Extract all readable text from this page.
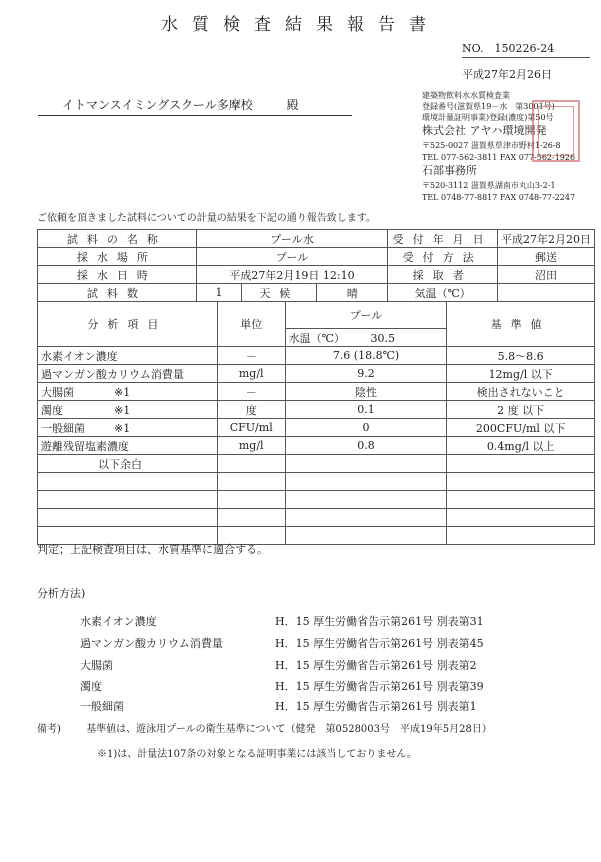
水質検査結果報告書
NO.　150226-24
平成27年2月26日
イトマンスイミングスクール多摩校	殿
建築物飲料水水質検査業
登録番号(滋賀県19－水　第3001号)
環境計量証明事業)登録(濃度)第50号
株式会社 アヤハ環境開発
〒525-0027 滋賀県草津市野村1-26-8
TEL 077-562-3811 FAX 077-562-1926
石部事務所
〒520-3112 滋賀県湖南市丸山3-2-1
TEL 0748-77-8817 FAX 0748-77-2247
ご依頼を頂きました試料についての計量の結果を下記の通り報告致します。
試料の名称	プール水			受付年月日	平成27年2月20日
採水場所	プール			受付方法	郵送
採水日時	平成27年2月19日 12:10			採取者	沼田
試料数	1	天候	晴	気温（℃）	
分析項目	単位	プール	基準値
		水温（℃） 30.5	
水素イオン濃度	－	7.6 (18.8℃)	5.8～8.6
過マンガン酸カリウム消費量	mg/l	9.2	12mg/l 以下
大腸菌 ※1	－	陰性	検出されないこと
濁度 ※1	度	0.1	2 度 以下
一般細菌 ※1	CFU/ml	0	200CFU/ml 以下
遊離残留塩素濃度	mg/l	0.8	0.4mg/l 以上
以下余白			

判定；上記検査項目は、水質基準に適合する。
分析方法)
水素イオン濃度	H．15 厚生労働省告示第261号 別表第31
過マンガン酸カリウム消費量	H．15 厚生労働省告示第261号 別表第45
大腸菌	H．15 厚生労働省告示第261号 別表第2
濁度	H．15 厚生労働省告示第261号 別表第39
一般細菌	H．15 厚生労働省告示第261号 別表第1
備考)	基準値は、遊泳用プールの衛生基準について（健発　第0528003号　平成19年5月28日）
※1)は、計量法107条の対象となる証明事業には該当しておりません。
